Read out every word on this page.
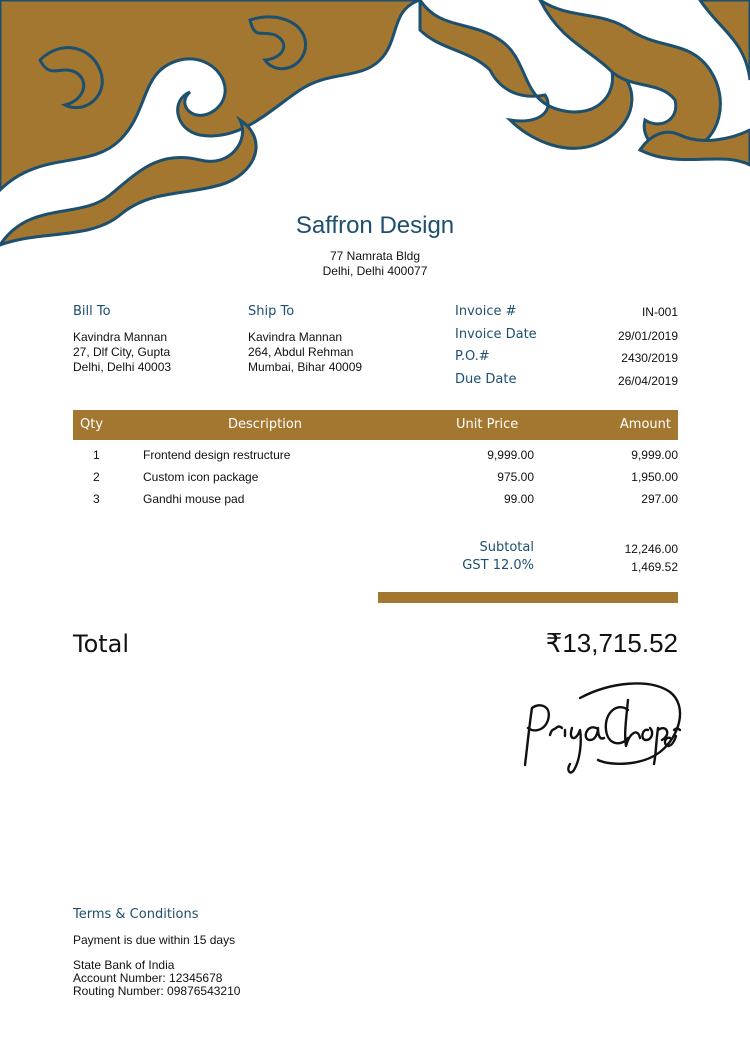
Saffron Design
77 Namrata Bldg
Delhi, Delhi 400077
Bill To
Kavindra Mannan
27, Dlf City, Gupta
Delhi, Delhi 40003
Ship To
Kavindra Mannan
264, Abdul Rehman
Mumbai, Bihar 40009
Invoice #	IN-001
Invoice Date	29/01/2019
P.O.#	2430/2019
Due Date	26/04/2019
Qty	Description	Unit Price	Amount
1	Frontend design restructure	9,999.00	9,999.00
2	Custom icon package	975.00	1,950.00
3	Gandhi mouse pad	99.00	297.00
Subtotal	12,246.00
GST 12.0%	1,469.52
Total	₹13,715.52
Terms & Conditions
Payment is due within 15 days
State Bank of India
Account Number: 12345678
Routing Number: 09876543210
